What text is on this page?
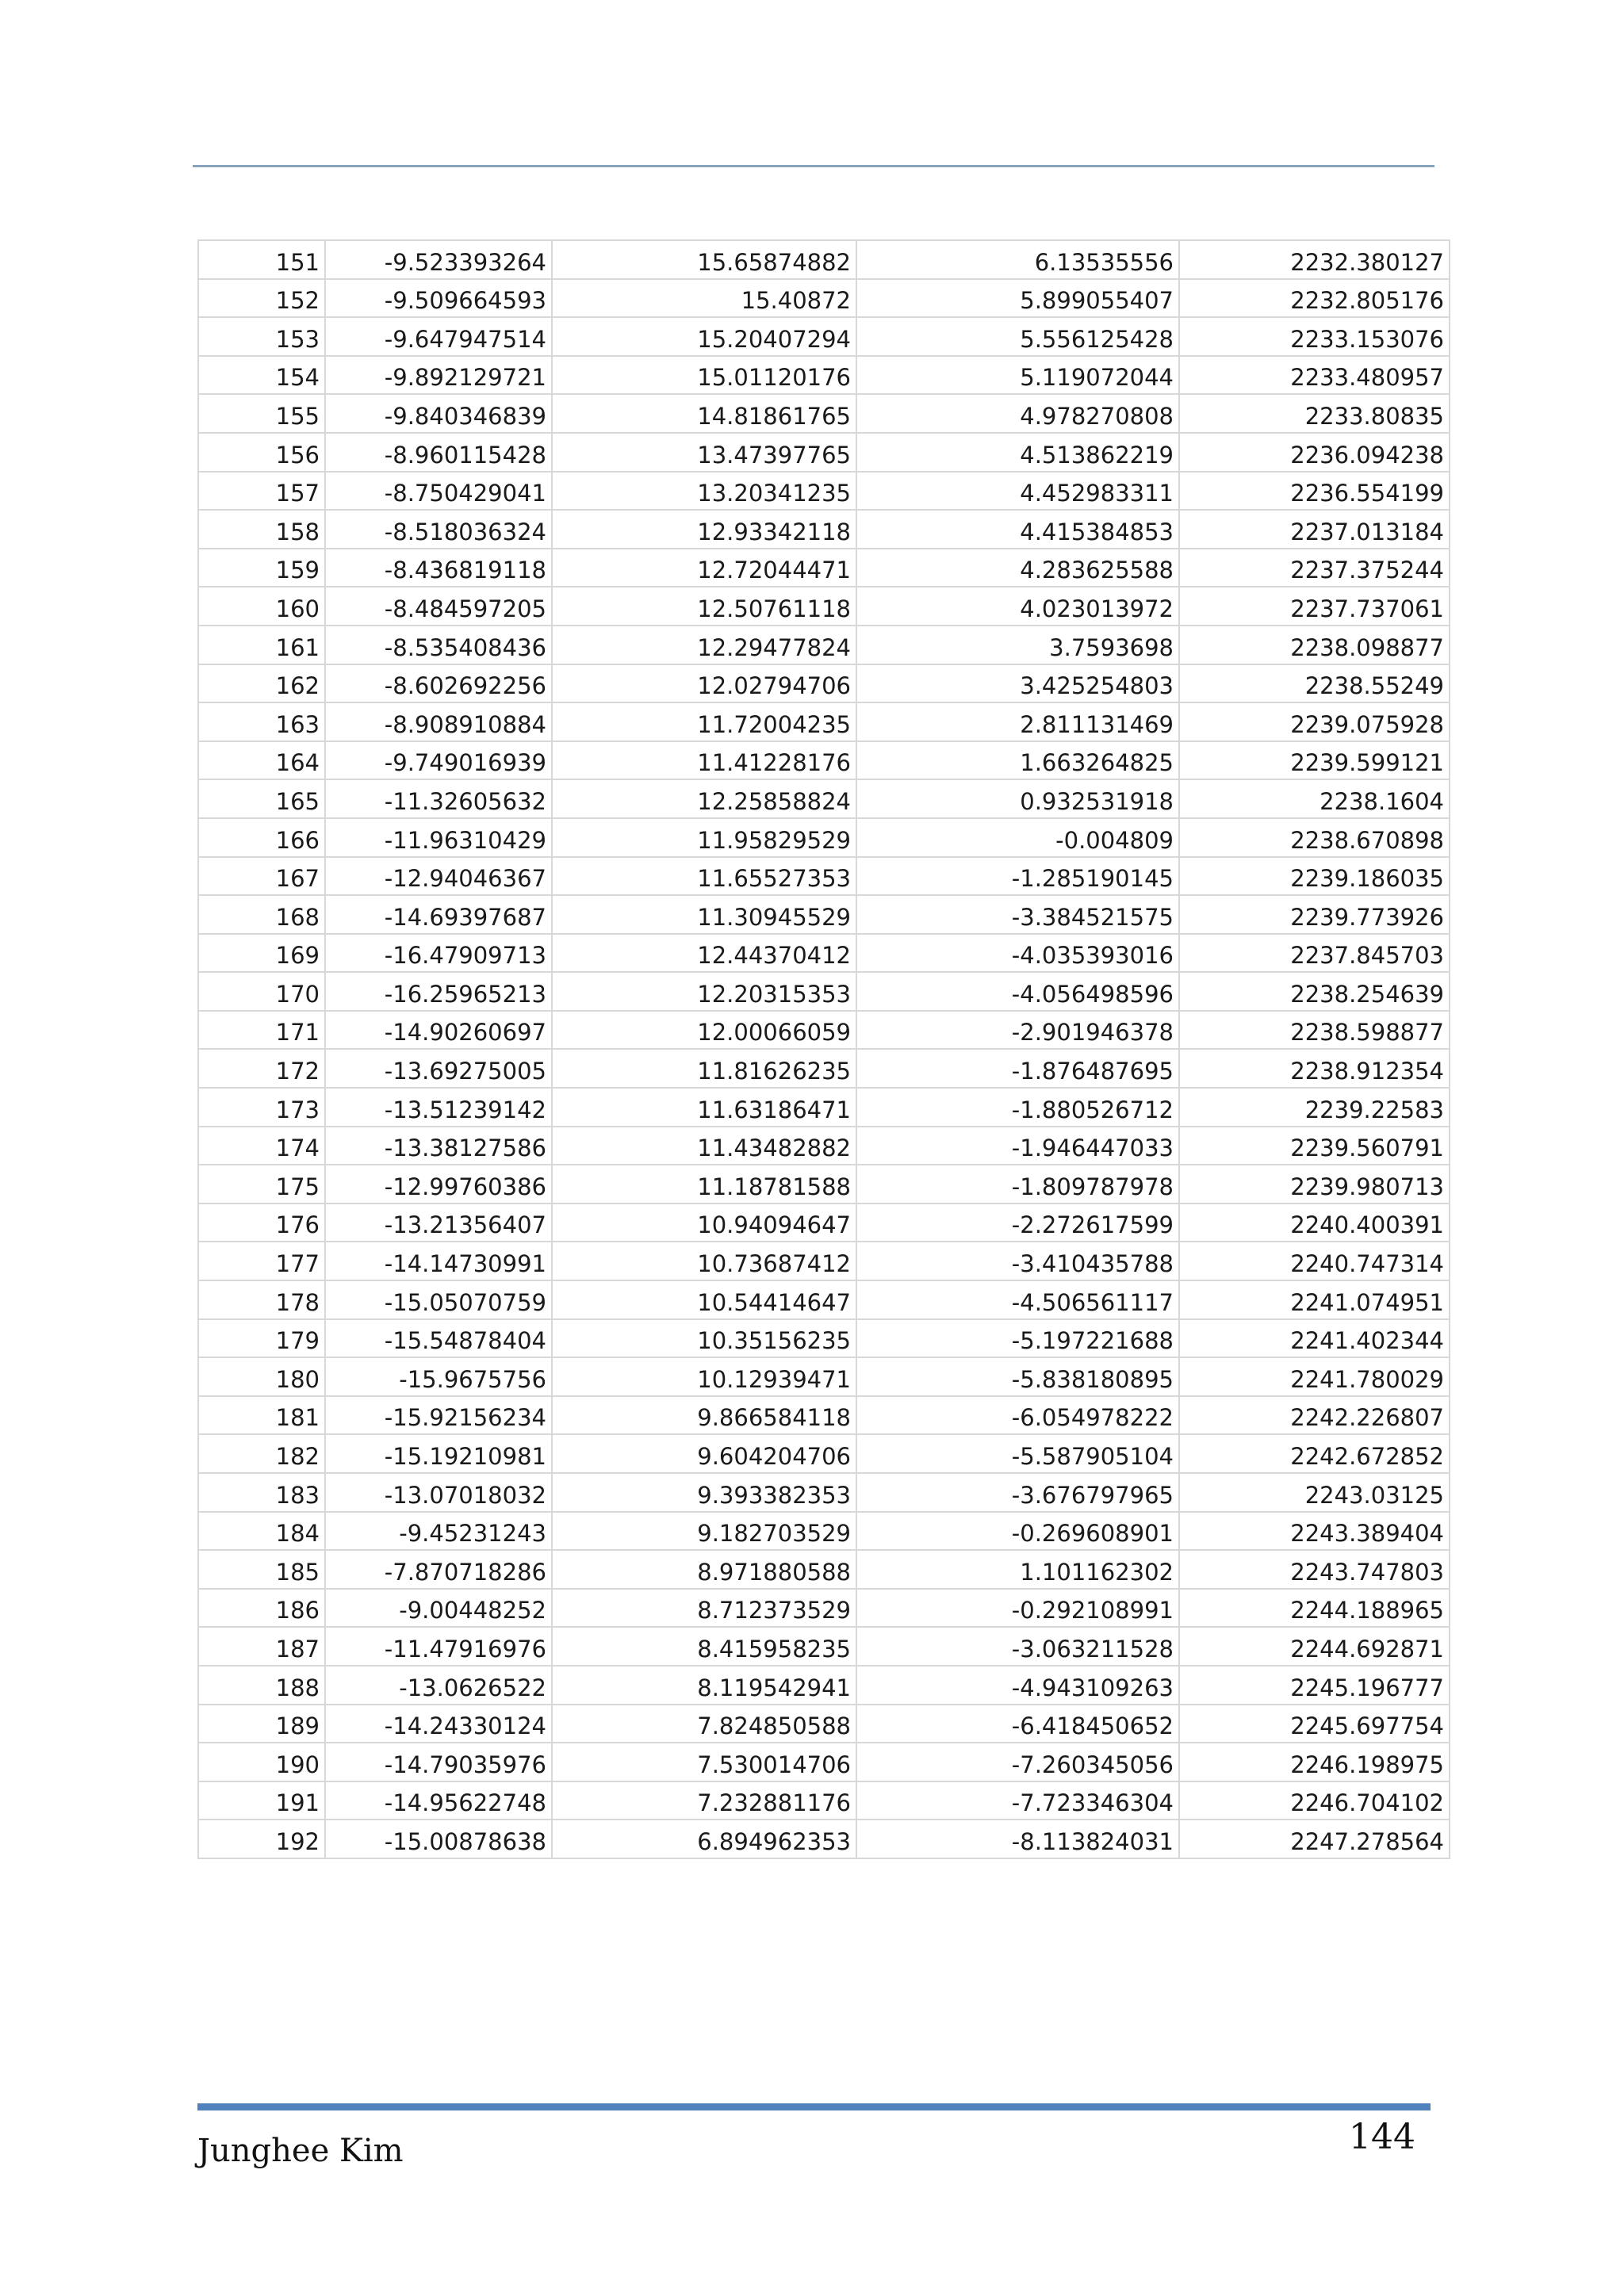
151	-9.523393264	15.65874882	6.13535556	2232.380127
152	-9.509664593	15.40872	5.899055407	2232.805176
153	-9.647947514	15.20407294	5.556125428	2233.153076
154	-9.892129721	15.01120176	5.119072044	2233.480957
155	-9.840346839	14.81861765	4.978270808	2233.80835
156	-8.960115428	13.47397765	4.513862219	2236.094238
157	-8.750429041	13.20341235	4.452983311	2236.554199
158	-8.518036324	12.93342118	4.415384853	2237.013184
159	-8.436819118	12.72044471	4.283625588	2237.375244
160	-8.484597205	12.50761118	4.023013972	2237.737061
161	-8.535408436	12.29477824	3.7593698	2238.098877
162	-8.602692256	12.02794706	3.425254803	2238.55249
163	-8.908910884	11.72004235	2.811131469	2239.075928
164	-9.749016939	11.41228176	1.663264825	2239.599121
165	-11.32605632	12.25858824	0.932531918	2238.1604
166	-11.96310429	11.95829529	-0.004809	2238.670898
167	-12.94046367	11.65527353	-1.285190145	2239.186035
168	-14.69397687	11.30945529	-3.384521575	2239.773926
169	-16.47909713	12.44370412	-4.035393016	2237.845703
170	-16.25965213	12.20315353	-4.056498596	2238.254639
171	-14.90260697	12.00066059	-2.901946378	2238.598877
172	-13.69275005	11.81626235	-1.876487695	2238.912354
173	-13.51239142	11.63186471	-1.880526712	2239.22583
174	-13.38127586	11.43482882	-1.946447033	2239.560791
175	-12.99760386	11.18781588	-1.809787978	2239.980713
176	-13.21356407	10.94094647	-2.272617599	2240.400391
177	-14.14730991	10.73687412	-3.410435788	2240.747314
178	-15.05070759	10.54414647	-4.506561117	2241.074951
179	-15.54878404	10.35156235	-5.197221688	2241.402344
180	-15.9675756	10.12939471	-5.838180895	2241.780029
181	-15.92156234	9.866584118	-6.054978222	2242.226807
182	-15.19210981	9.604204706	-5.587905104	2242.672852
183	-13.07018032	9.393382353	-3.676797965	2243.03125
184	-9.45231243	9.182703529	-0.269608901	2243.389404
185	-7.870718286	8.971880588	1.101162302	2243.747803
186	-9.00448252	8.712373529	-0.292108991	2244.188965
187	-11.47916976	8.415958235	-3.063211528	2244.692871
188	-13.0626522	8.119542941	-4.943109263	2245.196777
189	-14.24330124	7.824850588	-6.418450652	2245.697754
190	-14.79035976	7.530014706	-7.260345056	2246.198975
191	-14.95622748	7.232881176	-7.723346304	2246.704102
192	-15.00878638	6.894962353	-8.113824031	2247.278564
Junghee Kim	144
